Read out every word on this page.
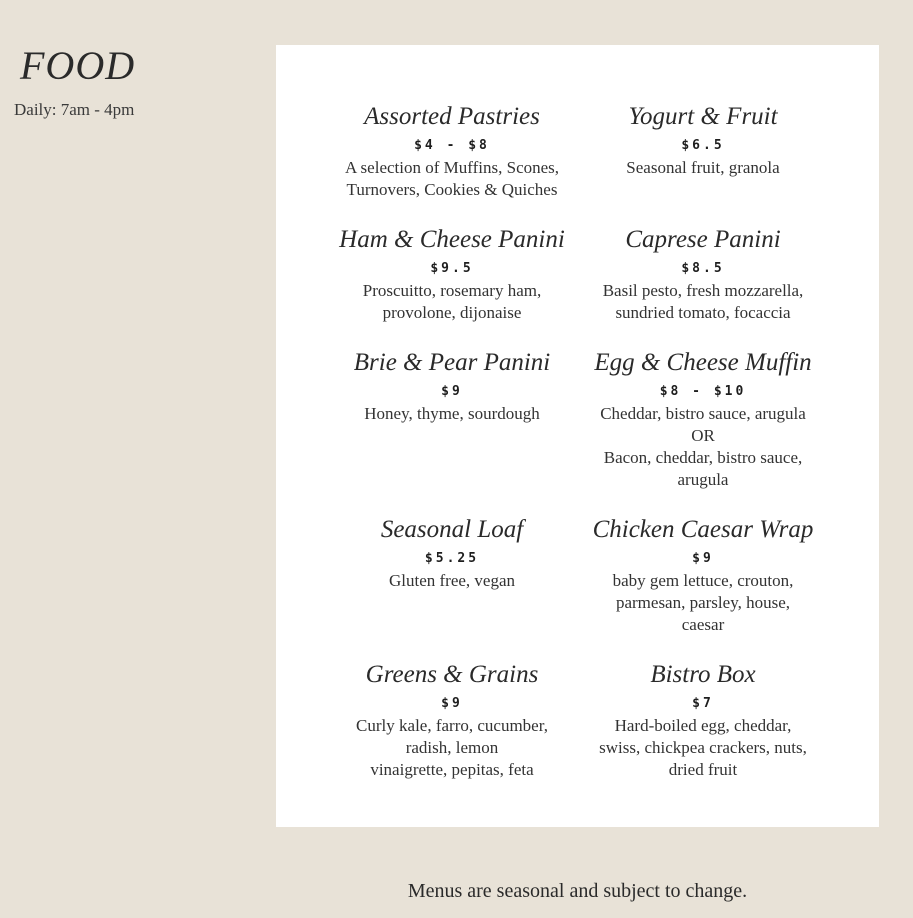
FOOD
Daily: 7am - 4pm	Assorted Pastries
$4 - $8
A selection of Muffins, Scones,
Turnovers, Cookies & Quiches
Yogurt & Fruit
$6.5
Seasonal fruit, granola
Ham & Cheese Panini
$9.5
Proscuitto, rosemary ham,
provolone, dijonaise
Caprese Panini
$8.5
Basil pesto, fresh mozzarella,
sundried tomato, focaccia
Brie & Pear Panini
$9
Honey, thyme, sourdough
Egg & Cheese Muffin
$8 - $10
Cheddar, bistro sauce, arugula
OR
Bacon, cheddar, bistro sauce,
arugula
Seasonal Loaf
$5.25
Gluten free, vegan
Chicken Caesar Wrap
$9
baby gem lettuce, crouton,
parmesan, parsley, house,
caesar
Greens & Grains
$9
Curly kale, farro, cucumber,
radish, lemon
vinaigrette, pepitas, feta
Bistro Box
$7
Hard-boiled egg, cheddar,
swiss, chickpea crackers, nuts,
dried fruit
Menus are seasonal and subject to change.
